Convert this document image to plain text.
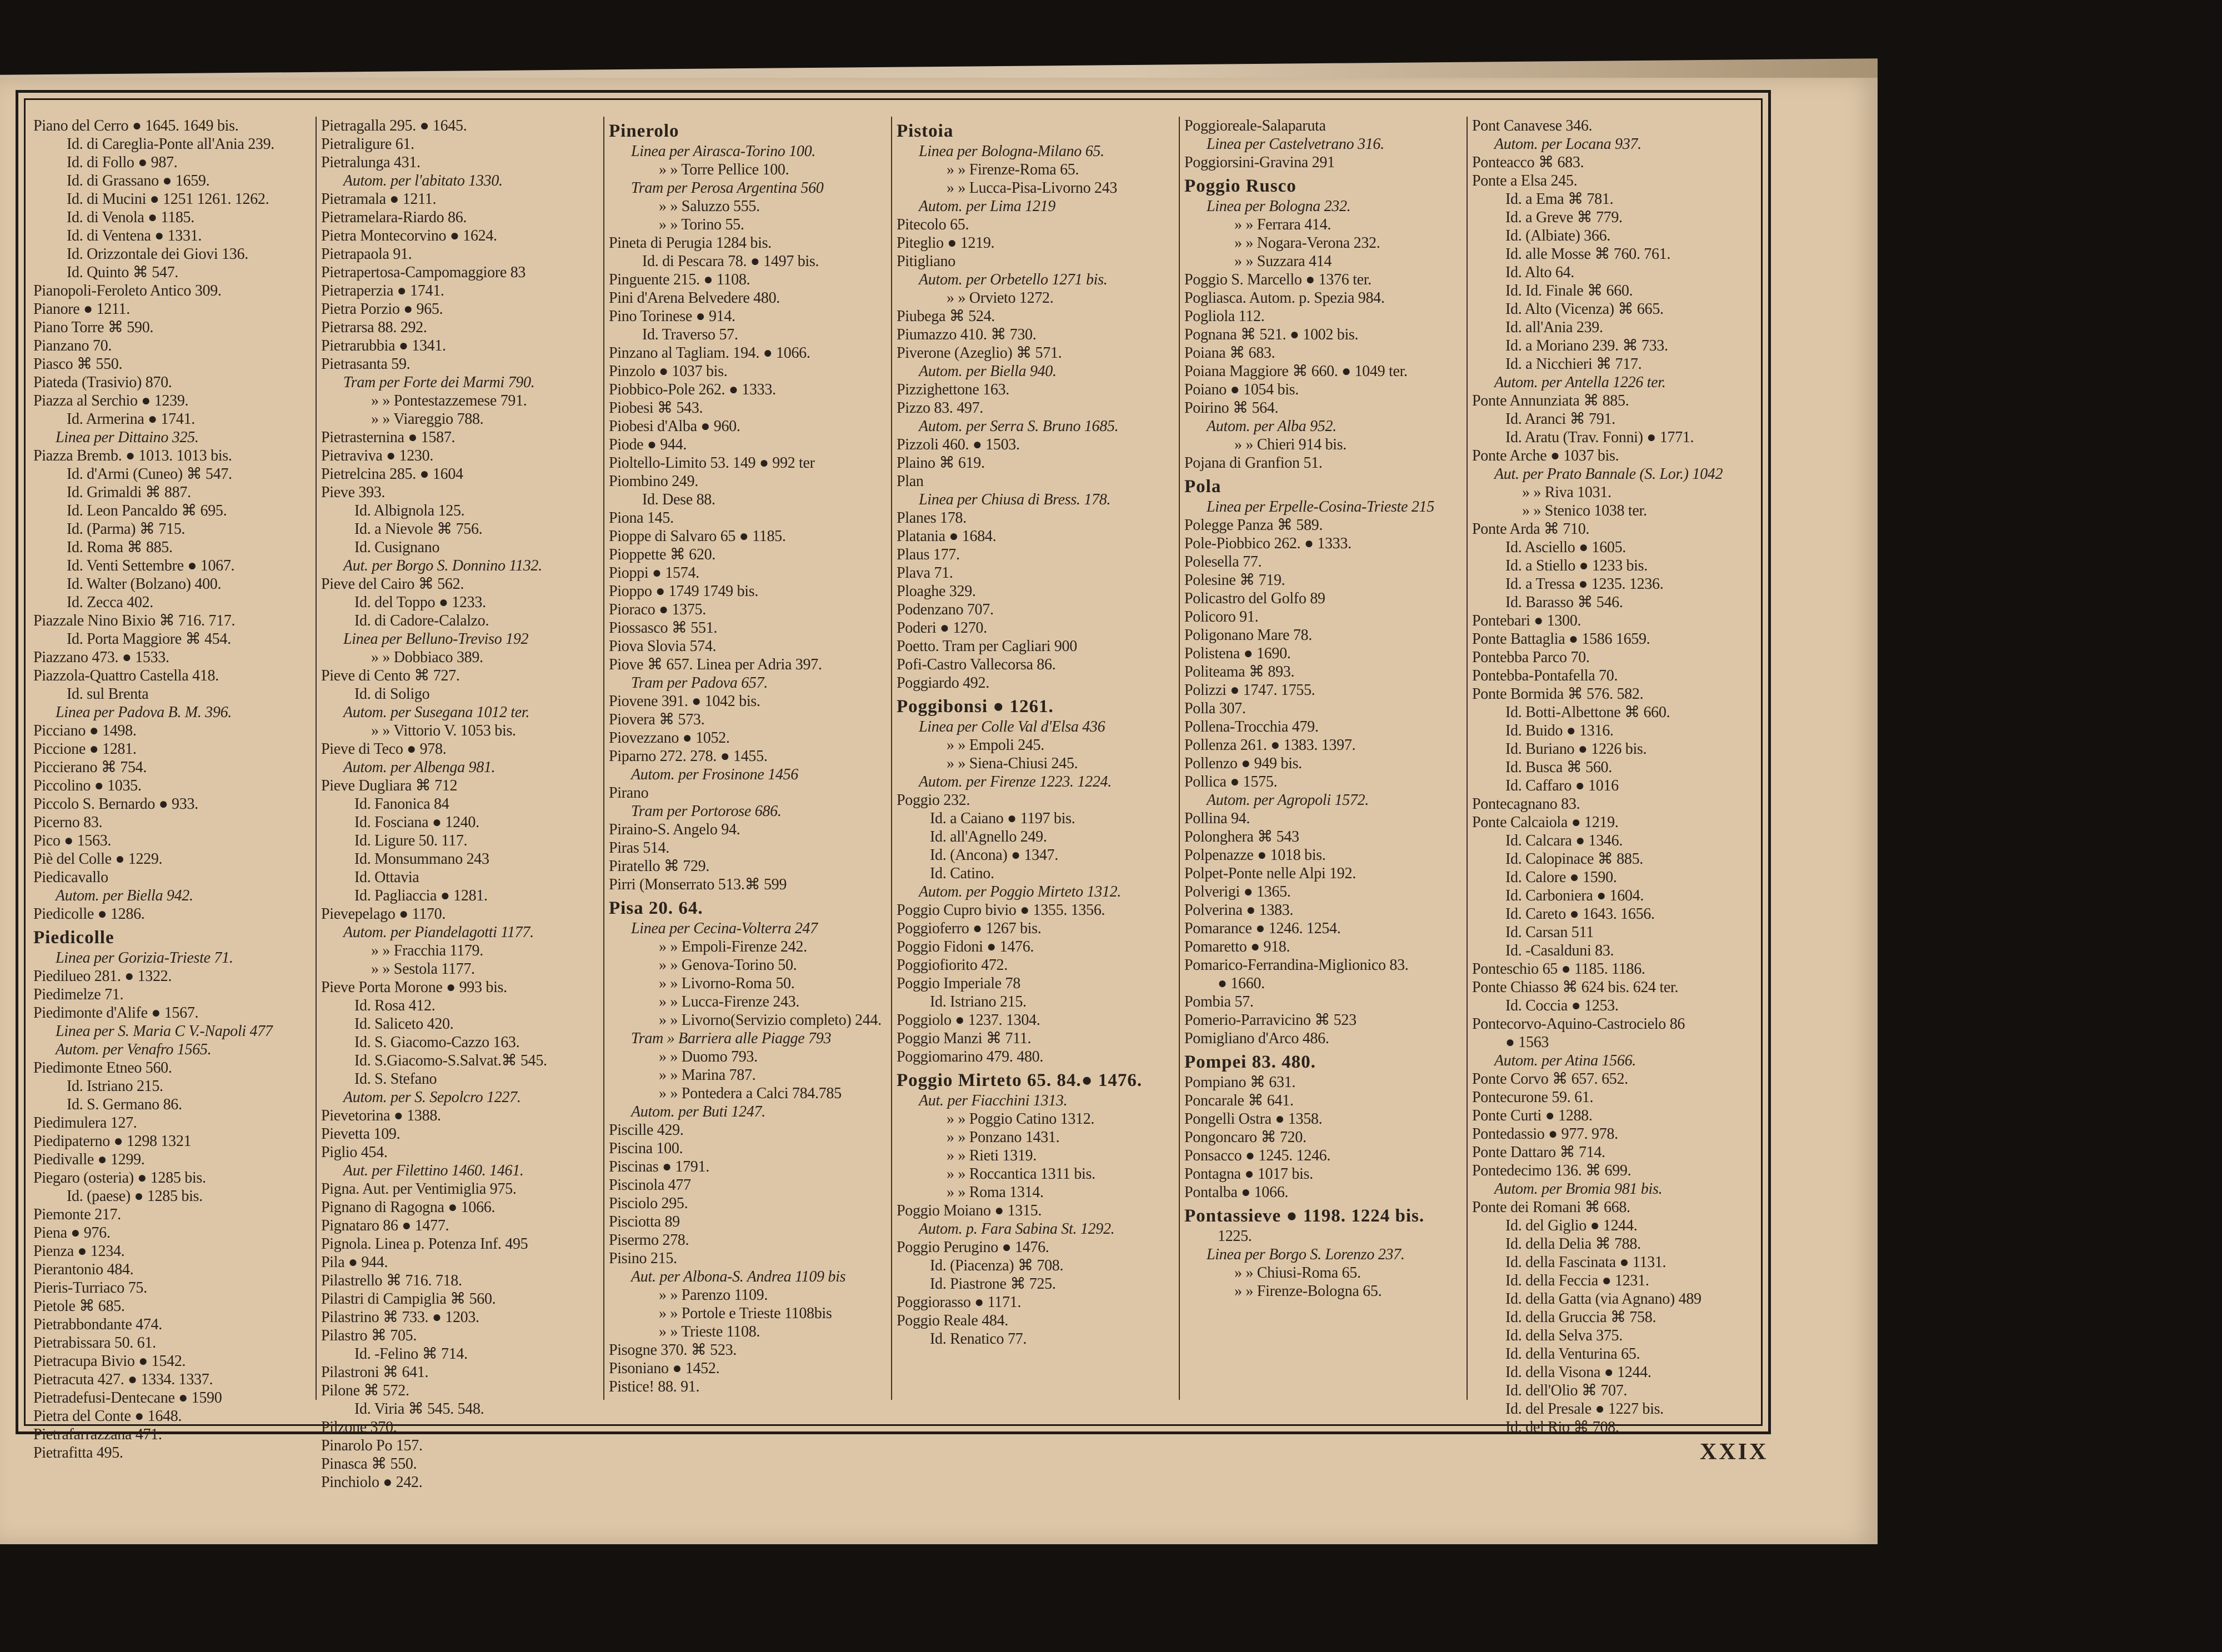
Piano del Cerro ● 1645. 1649 bis.
Id. di Careglia-Ponte all'Ania 239.
Id. di Follo ● 987.
Id. di Grassano ● 1659.
Id. di Mucini ● 1251 1261. 1262.
Id. di Venola ● 1185.
Id. di Ventena ● 1331.
Id. Orizzontale dei Giovi 136.
Id. Quinto ⌘ 547.
Pianopoli-Feroleto Antico 309.
Pianore ● 1211.
Piano Torre ⌘ 590.
Pianzano 70.
Piasco ⌘ 550.
Piateda (Trasivio) 870.
Piazza al Serchio ● 1239.
Id. Armerina ● 1741.
Linea per Dittaino 325.
Piazza Bremb. ● 1013. 1013 bis.
Id. d'Armi (Cuneo) ⌘ 547.
Id. Grimaldi ⌘ 887.
Id. Leon Pancaldo ⌘ 695.
Id. (Parma) ⌘ 715.
Id. Roma ⌘ 885.
Id. Venti Settembre ● 1067.
Id. Walter (Bolzano) 400.
Id. Zecca 402.
Piazzale Nino Bixio ⌘ 716. 717.
Id. Porta Maggiore ⌘ 454.
Piazzano 473. ● 1533.
Piazzola-Quattro Castella 418.
Id. sul Brenta
Linea per Padova B. M. 396.
Picciano ● 1498.
Piccione ● 1281.
Piccierano ⌘ 754.
Piccolino ● 1035.
Piccolo S. Bernardo ● 933.
Picerno 83.
Pico ● 1563.
Piè del Colle ● 1229.
Piedicavallo
Autom. per Biella 942.
Piedicolle ● 1286.
Piedicolle
Linea per Gorizia-Trieste 71.
Piedilueo 281. ● 1322.
Piedimelze 71.
Piedimonte d'Alife ● 1567.
Linea per S. Maria C V.-Napoli 477
Autom. per Venafro 1565.
Piedimonte Etneo 560.
Id. Istriano 215.
Id. S. Germano 86.
Piedimulera 127.
Piedipaterno ● 1298 1321
Piedivalle ● 1299.
Piegaro (osteria) ● 1285 bis.
Id. (paese) ● 1285 bis.
Piemonte 217.
Piena ● 976.
Pienza ● 1234.
Pierantonio 484.
Pieris-Turriaco 75.
Pietole ⌘ 685.
Pietrabbondante 474.
Pietrabissara 50. 61.
Pietracupa Bivio ● 1542.
Pietracuta 427. ● 1334. 1337.
Pietradefusi-Dentecane ● 1590
Pietra del Conte ● 1648.
Pietrafarrazzana 471.
Pietrafitta 495.
Pietragalla 295. ● 1645.
Pietraligure 61.
Pietralunga 431.
Autom. per l'abitato 1330.
Pietramala ● 1211.
Pietramelara-Riardo 86.
Pietra Montecorvino ● 1624.
Pietrapaola 91.
Pietrapertosa-Campomaggiore 83
Pietraperzia ● 1741.
Pietra Porzio ● 965.
Pietrarsa 88. 292.
Pietrarubbia ● 1341.
Pietrasanta 59.
Tram per Forte dei Marmi 790.
» » Pontestazzemese 791.
» » Viareggio 788.
Pietrasternina ● 1587.
Pietraviva ● 1230.
Pietrelcina 285. ● 1604
Pieve 393.
Id. Albignola 125.
Id. a Nievole ⌘ 756.
Id. Cusignano
Aut. per Borgo S. Donnino 1132.
Pieve del Cairo ⌘ 562.
Id. del Toppo ● 1233.
Id. di Cadore-Calalzo.
Linea per Belluno-Treviso 192
» » Dobbiaco 389.
Pieve di Cento ⌘ 727.
Id. di Soligo
Autom. per Susegana 1012 ter.
» » Vittorio V. 1053 bis.
Pieve di Teco ● 978.
Autom. per Albenga 981.
Pieve Dugliara ⌘ 712
Id. Fanonica 84
Id. Fosciana ● 1240.
Id. Ligure 50. 117.
Id. Monsummano 243
Id. Ottavia
Id. Pagliaccia ● 1281.
Pievepelago ● 1170.
Autom. per Piandelagotti 1177.
» » Fracchia 1179.
» » Sestola 1177.
Pieve Porta Morone ● 993 bis.
Id. Rosa 412.
Id. Saliceto 420.
Id. S. Giacomo-Cazzo 163.
Id. S.Giacomo-S.Salvat.⌘ 545.
Id. S. Stefano
Autom. per S. Sepolcro 1227.
Pievetorina ● 1388.
Pievetta 109.
Piglio 454.
Aut. per Filettino 1460. 1461.
Pigna. Aut. per Ventimiglia 975.
Pignano di Ragogna ● 1066.
Pignataro 86 ● 1477.
Pignola. Linea p. Potenza Inf. 495
Pila ● 944.
Pilastrello ⌘ 716. 718.
Pilastri di Campiglia ⌘ 560.
Pilastrino ⌘ 733. ● 1203.
Pilastro ⌘ 705.
Id. -Felino ⌘ 714.
Pilastroni ⌘ 641.
Pilone ⌘ 572.
Id. Viria ⌘ 545. 548.
Pilzone 370.
Pinarolo Po 157.
Pinasca ⌘ 550.
Pinchiolo ● 242.
Pinerolo
Linea per Airasca-Torino 100.
» » Torre Pellice 100.
Tram per Perosa Argentina 560
» » Saluzzo 555.
» » Torino 55.
Pineta di Perugia 1284 bis.
Id. di Pescara 78. ● 1497 bis.
Pinguente 215. ● 1108.
Pini d'Arena Belvedere 480.
Pino Torinese ● 914.
Id. Traverso 57.
Pinzano al Tagliam. 194. ● 1066.
Pinzolo ● 1037 bis.
Piobbico-Pole 262. ● 1333.
Piobesi ⌘ 543.
Piobesi d'Alba ● 960.
Piode ● 944.
Pioltello-Limito 53. 149 ● 992 ter
Piombino 249.
Id. Dese 88.
Piona 145.
Pioppe di Salvaro 65 ● 1185.
Pioppette ⌘ 620.
Pioppi ● 1574.
Pioppo ● 1749 1749 bis.
Pioraco ● 1375.
Piossasco ⌘ 551.
Piova Slovia 574.
Piove ⌘ 657. Linea per Adria 397.
Tram per Padova 657.
Piovene 391. ● 1042 bis.
Piovera ⌘ 573.
Piovezzano ● 1052.
Piparno 272. 278. ● 1455.
Autom. per Frosinone 1456
Pirano
Tram per Portorose 686.
Piraino-S. Angelo 94.
Piras 514.
Piratello ⌘ 729.
Pirri (Monserrato 513.⌘ 599
Pisa 20. 64.
Linea per Cecina-Volterra 247
» » Empoli-Firenze 242.
» » Genova-Torino 50.
» » Livorno-Roma 50.
» » Lucca-Firenze 243.
» » Livorno(Servizio completo) 244.
Tram » Barriera alle Piagge 793
» » Duomo 793.
» » Marina 787.
» » Pontedera a Calci 784.785
Autom. per Buti 1247.
Piscille 429.
Piscina 100.
Piscinas ● 1791.
Piscinola 477
Pisciolo 295.
Pisciotta 89
Pisermo 278.
Pisino 215.
Aut. per Albona-S. Andrea 1109 bis
» » Parenzo 1109.
» » Portole e Trieste 1108bis
» » Trieste 1108.
Pisogne 370. ⌘ 523.
Pisoniano ● 1452.
Pistice! 88. 91.
Pistoia
Linea per Bologna-Milano 65.
» » Firenze-Roma 65.
» » Lucca-Pisa-Livorno 243
Autom. per Lima 1219
Pitecolo 65.
Piteglio ● 1219.
Pitigliano
Autom. per Orbetello 1271 bis.
» » Orvieto 1272.
Piubega ⌘ 524.
Piumazzo 410. ⌘ 730.
Piverone (Azeglio) ⌘ 571.
Autom. per Biella 940.
Pizzighettone 163.
Pizzo 83. 497.
Autom. per Serra S. Bruno 1685.
Pizzoli 460. ● 1503.
Plaino ⌘ 619.
Plan
Linea per Chiusa di Bress. 178.
Planes 178.
Platania ● 1684.
Plaus 177.
Plava 71.
Ploaghe 329.
Podenzano 707.
Poderi ● 1270.
Poetto. Tram per Cagliari 900
Pofi-Castro Vallecorsa 86.
Poggiardo 492.
Poggibonsi ● 1261.
Linea per Colle Val d'Elsa 436
» » Empoli 245.
» » Siena-Chiusi 245.
Autom. per Firenze 1223. 1224.
Poggio 232.
Id. a Caiano ● 1197 bis.
Id. all'Agnello 249.
Id. (Ancona) ● 1347.
Id. Catino.
Autom. per Poggio Mirteto 1312.
Poggio Cupro bivio ● 1355. 1356.
Poggioferro ● 1267 bis.
Poggio Fidoni ● 1476.
Poggiofiorito 472.
Poggio Imperiale 78
Id. Istriano 215.
Poggiolo ● 1237. 1304.
Poggio Manzi ⌘ 711.
Poggiomarino 479. 480.
Poggio Mirteto 65. 84.● 1476.
Aut. per Fiacchini 1313.
» » Poggio Catino 1312.
» » Ponzano 1431.
» » Rieti 1319.
» » Roccantica 1311 bis.
» » Roma 1314.
Poggio Moiano ● 1315.
Autom. p. Fara Sabina St. 1292.
Poggio Perugino ● 1476.
Id. (Piacenza) ⌘ 708.
Id. Piastrone ⌘ 725.
Poggiorasso ● 1171.
Poggio Reale 484.
Id. Renatico 77.
Poggioreale-Salaparuta
Linea per Castelvetrano 316.
Poggiorsini-Gravina 291
Poggio Rusco
Linea per Bologna 232.
» » Ferrara 414.
» » Nogara-Verona 232.
» » Suzzara 414
Poggio S. Marcello ● 1376 ter.
Pogliasca. Autom. p. Spezia 984.
Pogliola 112.
Pognana ⌘ 521. ● 1002 bis.
Poiana ⌘ 683.
Poiana Maggiore ⌘ 660. ● 1049 ter.
Poiano ● 1054 bis.
Poirino ⌘ 564.
Autom. per Alba 952.
» » Chieri 914 bis.
Pojana di Granfion 51.
Pola
Linea per Erpelle-Cosina-Trieste 215
Polegge Panza ⌘ 589.
Pole-Piobbico 262. ● 1333.
Polesella 77.
Polesine ⌘ 719.
Policastro del Golfo 89
Policoro 91.
Poligonano Mare 78.
Polistena ● 1690.
Politeama ⌘ 893.
Polizzi ● 1747. 1755.
Polla 307.
Pollena-Trocchia 479.
Pollenza 261. ● 1383. 1397.
Pollenzo ● 949 bis.
Pollica ● 1575.
Autom. per Agropoli 1572.
Pollina 94.
Polonghera ⌘ 543
Polpenazze ● 1018 bis.
Polpet-Ponte nelle Alpi 192.
Polverigi ● 1365.
Polverina ● 1383.
Pomarance ● 1246. 1254.
Pomaretto ● 918.
Pomarico-Ferrandina-Miglionico 83.
● 1660.
Pombia 57.
Pomerio-Parravicino ⌘ 523
Pomigliano d'Arco 486.
Pompei 83. 480.
Pompiano ⌘ 631.
Poncarale ⌘ 641.
Pongelli Ostra ● 1358.
Pongoncaro ⌘ 720.
Ponsacco ● 1245. 1246.
Pontagna ● 1017 bis.
Pontalba ● 1066.
Pontassieve ● 1198. 1224 bis.
1225.
Linea per Borgo S. Lorenzo 237.
» » Chiusi-Roma 65.
» » Firenze-Bologna 65.
Pont Canavese 346.
Autom. per Locana 937.
Ponteacco ⌘ 683.
Ponte a Elsa 245.
Id. a Ema ⌘ 781.
Id. a Greve ⌘ 779.
Id. (Albiate) 366.
Id. alle Mosse ⌘ 760. 761.
Id. Alto 64.
Id. Id. Finale ⌘ 660.
Id. Alto (Vicenza) ⌘ 665.
Id. all'Ania 239.
Id. a Moriano 239. ⌘ 733.
Id. a Nicchieri ⌘ 717.
Autom. per Antella 1226 ter.
Ponte Annunziata ⌘ 885.
Id. Aranci ⌘ 791.
Id. Aratu (Trav. Fonni) ● 1771.
Ponte Arche ● 1037 bis.
Aut. per Prato Bannale (S. Lor.) 1042
» » Riva 1031.
» » Stenico 1038 ter.
Ponte Arda ⌘ 710.
Id. Asciello ● 1605.
Id. a Stiello ● 1233 bis.
Id. a Tressa ● 1235. 1236.
Id. Barasso ⌘ 546.
Pontebari ● 1300.
Ponte Battaglia ● 1586 1659.
Pontebba Parco 70.
Pontebba-Pontafella 70.
Ponte Bormida ⌘ 576. 582.
Id. Botti-Albettone ⌘ 660.
Id. Buido ● 1316.
Id. Buriano ● 1226 bis.
Id. Busca ⌘ 560.
Id. Caffaro ● 1016
Pontecagnano 83.
Ponte Calcaiola ● 1219.
Id. Calcara ● 1346.
Id. Calopinace ⌘ 885.
Id. Calore ● 1590.
Id. Carboniera ● 1604.
Id. Careto ● 1643. 1656.
Id. Carsan 511
Id. -Casalduni 83.
Ponteschio 65 ● 1185. 1186.
Ponte Chiasso ⌘ 624 bis. 624 ter.
Id. Coccia ● 1253.
Pontecorvo-Aquino-Castrocielo 86
● 1563
Autom. per Atina 1566.
Ponte Corvo ⌘ 657. 652.
Pontecurone 59. 61.
Ponte Curti ● 1288.
Pontedassio ● 977. 978.
Ponte Dattaro ⌘ 714.
Pontedecimo 136. ⌘ 699.
Autom. per Bromia 981 bis.
Ponte dei Romani ⌘ 668.
Id. del Giglio ● 1244.
Id. della Delia ⌘ 788.
Id. della Fascinata ● 1131.
Id. della Feccia ● 1231.
Id. della Gatta (via Agnano) 489
Id. della Gruccia ⌘ 758.
Id. della Selva 375.
Id. della Venturina 65.
Id. della Visona ● 1244.
Id. dell'Olio ⌘ 707.
Id. del Presale ● 1227 bis.
Id. del Rio ⌘ 708.
XXIX
